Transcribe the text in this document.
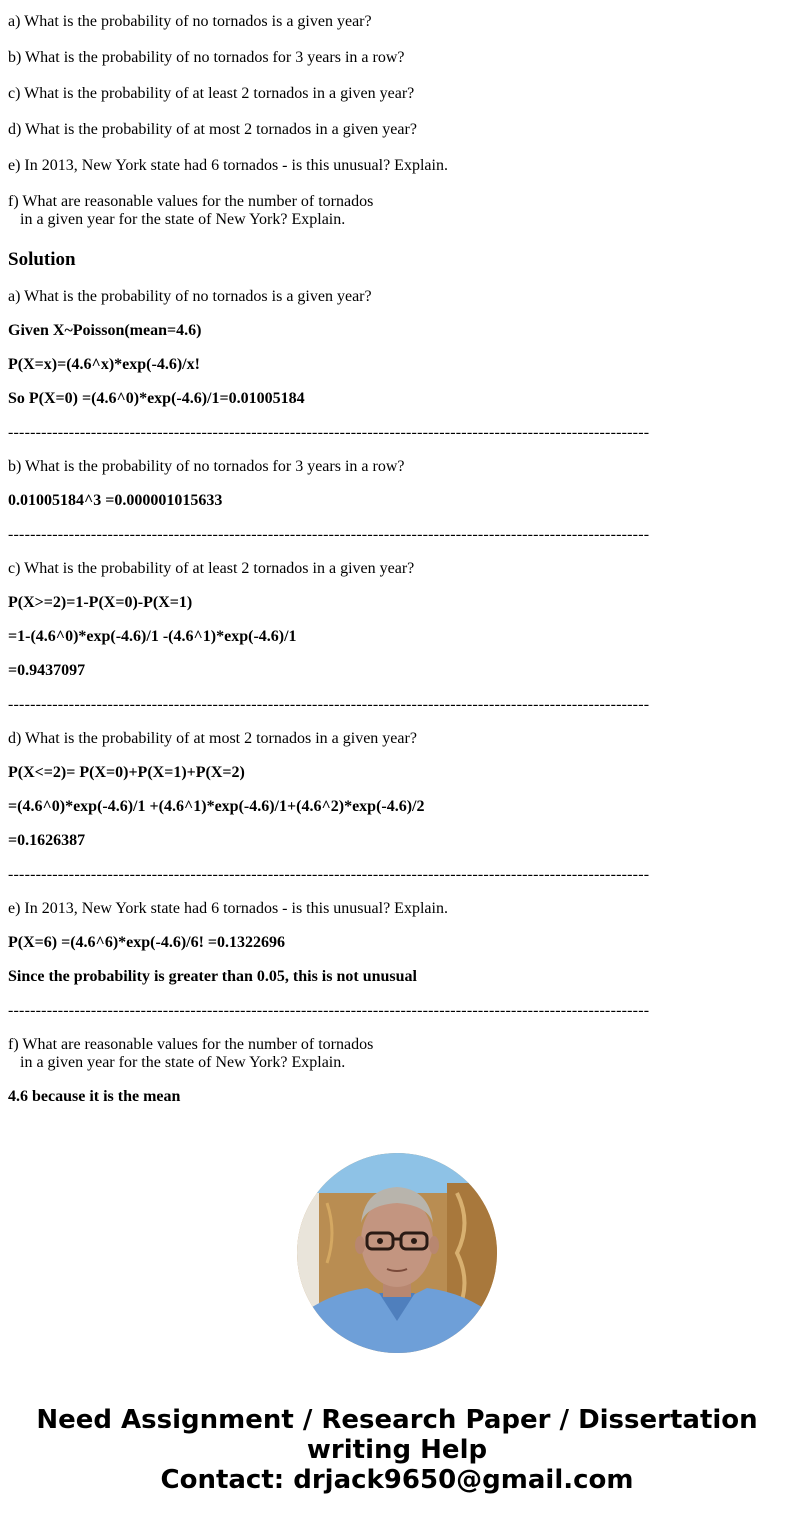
a) What is the probability of no tornados is a given year?
b) What is the probability of no tornados for 3 years in a row?
c) What is the probability of at least 2 tornados in a given year?
d) What is the probability of at most 2 tornados in a given year?
e) In 2013, New York state had 6 tornados - is this unusual? Explain.
f) What are reasonable values for the number of tornados
in a given year for the state of New York? Explain.
Solution
a) What is the probability of no tornados is a given year?
Given X~Poisson(mean=4.6)
P(X=x)=(4.6^x)*exp(-4.6)/x!
So P(X=0) =(4.6^0)*exp(-4.6)/1=0.01005184
--------------------------------------------------------------------------------------------------------------------
b) What is the probability of no tornados for 3 years in a row?
0.01005184^3 =0.000001015633
--------------------------------------------------------------------------------------------------------------------
c) What is the probability of at least 2 tornados in a given year?
P(X>=2)=1-P(X=0)-P(X=1)
=1-(4.6^0)*exp(-4.6)/1 -(4.6^1)*exp(-4.6)/1
=0.9437097
--------------------------------------------------------------------------------------------------------------------
d) What is the probability of at most 2 tornados in a given year?
P(X<=2)= P(X=0)+P(X=1)+P(X=2)
=(4.6^0)*exp(-4.6)/1 +(4.6^1)*exp(-4.6)/1+(4.6^2)*exp(-4.6)/2
=0.1626387
--------------------------------------------------------------------------------------------------------------------
e) In 2013, New York state had 6 tornados - is this unusual? Explain.
P(X=6) =(4.6^6)*exp(-4.6)/6! =0.1322696
Since the probability is greater than 0.05, this is not unusual
--------------------------------------------------------------------------------------------------------------------
f) What are reasonable values for the number of tornados
in a given year for the state of New York? Explain.
4.6 because it is the mean
Need Assignment / Research Paper / Dissertation
writing Help
Contact: drjack9650@gmail.com
